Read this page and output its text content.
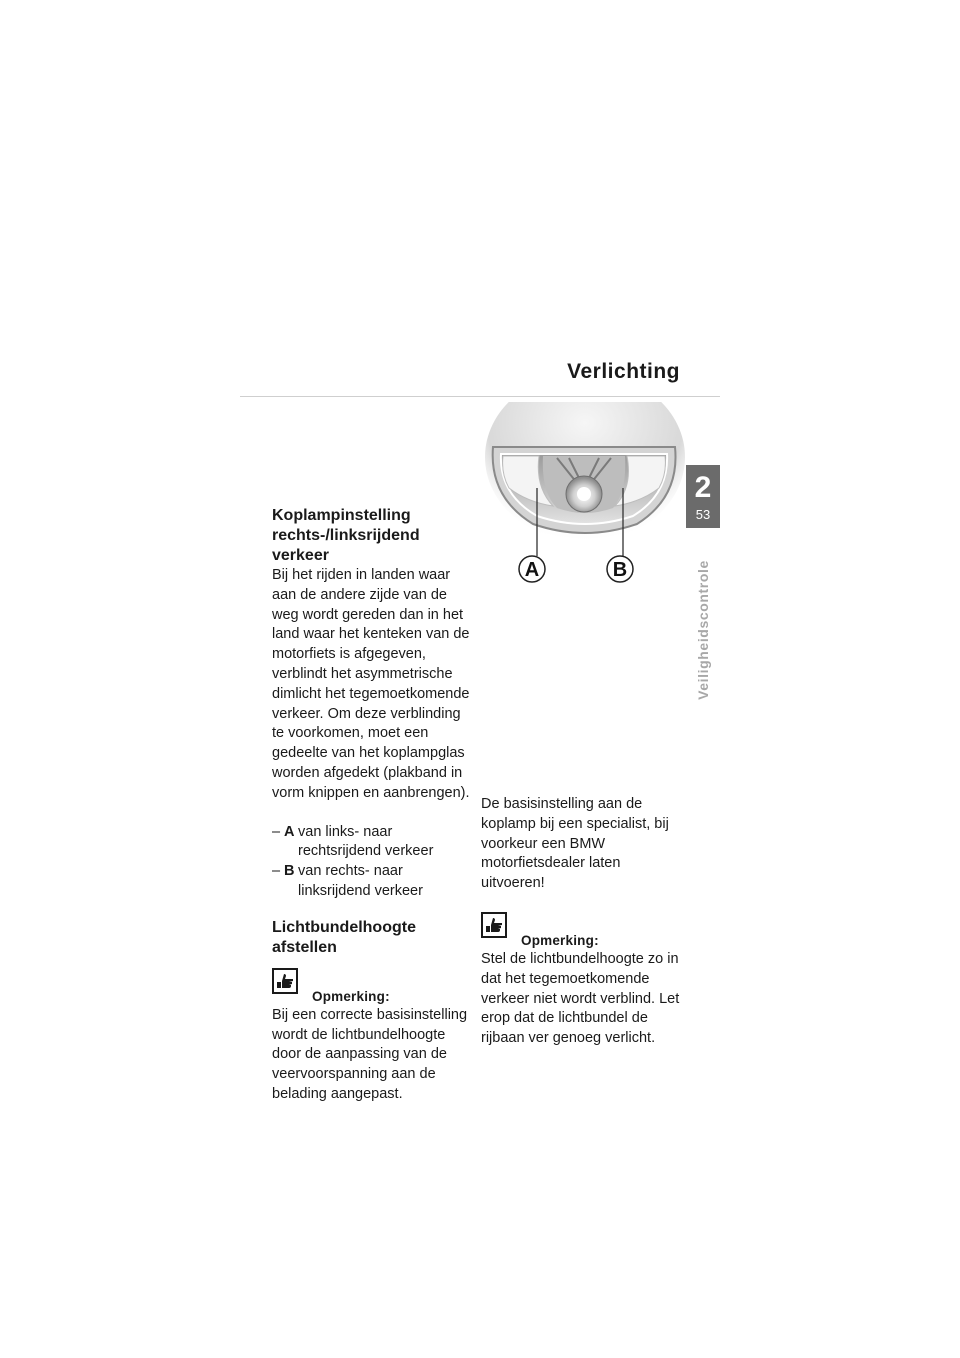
Verlichting
2
53
Veiligheidscontrole
A	B
Koplampinstelling rechts-/linksrijdend verkeer

Bij het rijden in landen waar aan de andere zijde van de weg wordt gereden dan in het land waar het kenteken van de motorfiets is afgegeven, verblindt het asymmetrische dimlicht het tegemoetkomende verkeer. Om deze verblinding te voorkomen, moet een gedeelte van het koplampglas worden afgedekt (plakband in vorm knippen en aanbrengen).

– A van links- naar rechtsrijdend verkeer
– B van rechts- naar linksrijdend verkeer
Lichtbundelhoogte afstellen
Opmerking:

Bij een correcte basisinstelling wordt de lichtbundelhoogte door de aanpassing van de veervoorspanning aan de belading aangepast.

De basisinstelling aan de koplamp bij een specialist, bij voorkeur een BMW motorfietsdealer laten uitvoeren!

Opmerking:

Stel de lichtbundelhoogte zo in dat het tegemoetkomende verkeer niet wordt verblind. Let erop dat de lichtbundel de rijbaan ver genoeg verlicht.
